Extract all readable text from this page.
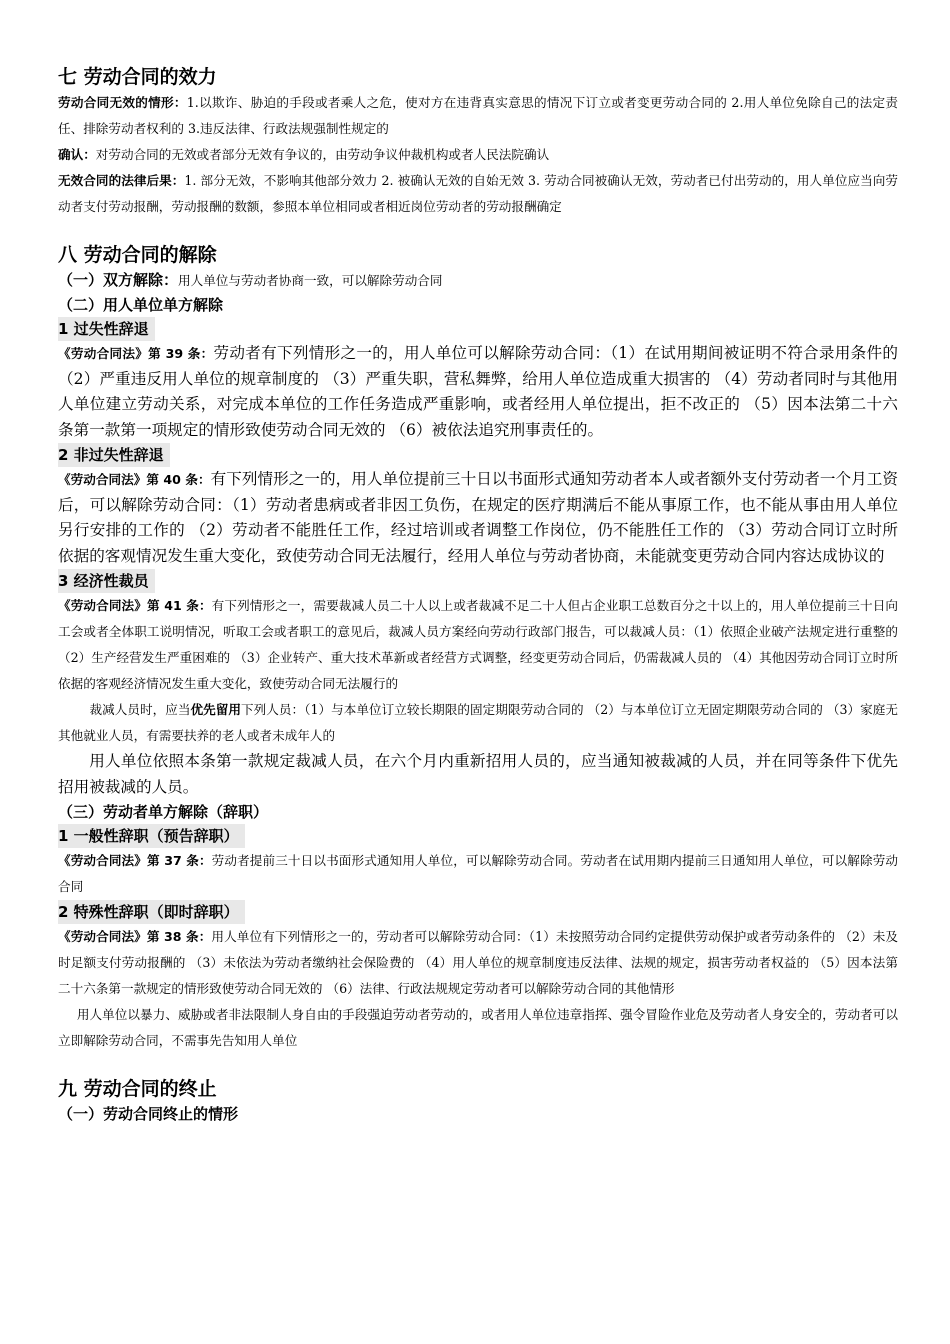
七 劳动合同的效力

劳动合同无效的情形：1.以欺诈、胁迫的手段或者乘人之危，使对方在违背真实意思的情况下订立或者变更劳动合同的 2.用人单位免除自己的法定责任、排除劳动者权利的 3.违反法律、行政法规强制性规定的

确认：对劳动合同的无效或者部分无效有争议的，由劳动争议仲裁机构或者人民法院确认

无效合同的法律后果：1. 部分无效，不影响其他部分效力 2. 被确认无效的自始无效 3. 劳动合同被确认无效，劳动者已付出劳动的，用人单位应当向劳动者支付劳动报酬，劳动报酬的数额，参照本单位相同或者相近岗位劳动者的劳动报酬确定

八 劳动合同的解除

（一）双方解除：用人单位与劳动者协商一致，可以解除劳动合同

（二）用人单位单方解除
1 过失性辞退

《劳动合同法》第 39 条：劳动者有下列情形之一的，用人单位可以解除劳动合同：（1）在试用期间被证明不符合录用条件的 （2）严重违反用人单位的规章制度的 （3）严重失职，营私舞弊，给用人单位造成重大损害的 （4）劳动者同时与其他用人单位建立劳动关系，对完成本单位的工作任务造成严重影响，或者经用人单位提出，拒不改正的 （5）因本法第二十六条第一款第一项规定的情形致使劳动合同无效的 （6）被依法追究刑事责任的。

2 非过失性辞退

《劳动合同法》第 40 条：有下列情形之一的，用人单位提前三十日以书面形式通知劳动者本人或者额外支付劳动者一个月工资后，可以解除劳动合同：（1）劳动者患病或者非因工负伤，在规定的医疗期满后不能从事原工作，也不能从事由用人单位另行安排的工作的 （2）劳动者不能胜任工作，经过培训或者调整工作岗位，仍不能胜任工作的 （3）劳动合同订立时所依据的客观情况发生重大变化，致使劳动合同无法履行，经用人单位与劳动者协商，未能就变更劳动合同内容达成协议的

3 经济性裁员

《劳动合同法》第 41 条：有下列情形之一，需要裁减人员二十人以上或者裁减不足二十人但占企业职工总数百分之十以上的，用人单位提前三十日向工会或者全体职工说明情况，听取工会或者职工的意见后，裁减人员方案经向劳动行政部门报告，可以裁减人员：（1）依照企业破产法规定进行重整的 （2）生产经营发生严重困难的 （3）企业转产、重大技术革新或者经营方式调整，经变更劳动合同后，仍需裁减人员的 （4）其他因劳动合同订立时所依据的客观经济情况发生重大变化，致使劳动合同无法履行的

裁减人员时，应当优先留用下列人员：（1）与本单位订立较长期限的固定期限劳动合同的 （2）与本单位订立无固定期限劳动合同的 （3）家庭无其他就业人员，有需要扶养的老人或者未成年人的

用人单位依照本条第一款规定裁减人员，在六个月内重新招用人员的，应当通知被裁减的人员，并在同等条件下优先招用被裁减的人员。

（三）劳动者单方解除（辞职）
1 一般性辞职（预告辞职）

《劳动合同法》第 37 条：劳动者提前三十日以书面形式通知用人单位，可以解除劳动合同。劳动者在试用期内提前三日通知用人单位，可以解除劳动合同

2 特殊性辞职（即时辞职）

《劳动合同法》第 38 条：用人单位有下列情形之一的，劳动者可以解除劳动合同：（1）未按照劳动合同约定提供劳动保护或者劳动条件的 （2）未及时足额支付劳动报酬的 （3）未依法为劳动者缴纳社会保险费的 （4）用人单位的规章制度违反法律、法规的规定，损害劳动者权益的 （5）因本法第二十六条第一款规定的情形致使劳动合同无效的 （6）法律、行政法规规定劳动者可以解除劳动合同的其他情形

用人单位以暴力、威胁或者非法限制人身自由的手段强迫劳动者劳动的，或者用人单位违章指挥、强令冒险作业危及劳动者人身安全的，劳动者可以立即解除劳动合同，不需事先告知用人单位

九 劳动合同的终止
（一）劳动合同终止的情形
